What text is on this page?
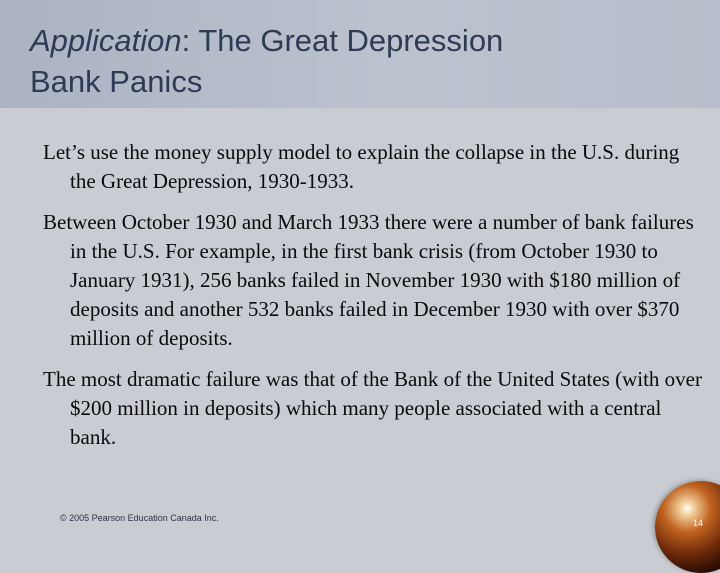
Application: The Great Depression
Bank Panics

Let’s use the money supply model to explain the collapse in the U.S. during the Great Depression, 1930-1933.

Between October 1930 and March 1933 there were a number of bank failures in the U.S. For example, in the first bank crisis (from October 1930 to January 1931), 256 banks failed in November 1930 with $180 million of deposits and another 532 banks failed in December 1930 with over $370 million of deposits.

The most dramatic failure was that of the Bank of the United States (with over $200 million in deposits) which many people associated with a central bank.

© 2005 Pearson Education Canada Inc.	14
